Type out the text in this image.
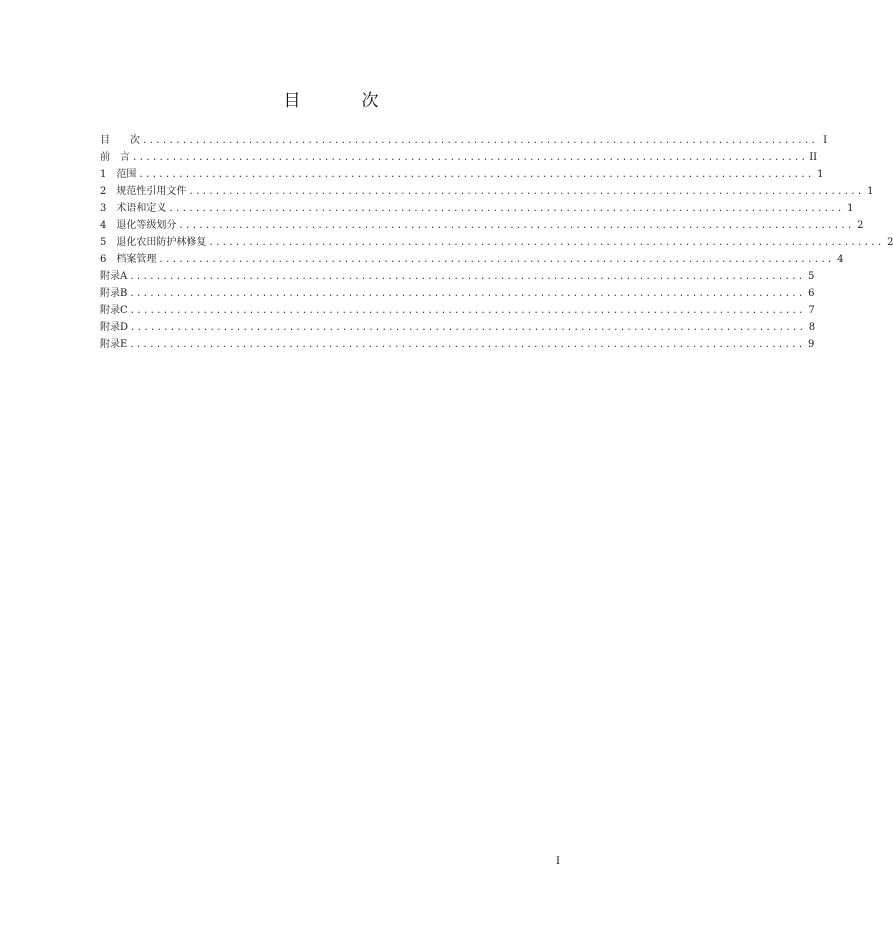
目　次
目　　次 ...................................................................................................... I
前　言 ...................................................................................................... II
1　范围 ...................................................................................................... 1
2　规范性引用文件 ...................................................................................................... 1
3　术语和定义 ...................................................................................................... 1
4　退化等级划分 ...................................................................................................... 2
5　退化农田防护林修复 ...................................................................................................... 2
6　档案管理 ...................................................................................................... 4
附录A ...................................................................................................... 5
附录B ...................................................................................................... 6
附录C ...................................................................................................... 7
附录D ...................................................................................................... 8
附录E ...................................................................................................... 9
I
